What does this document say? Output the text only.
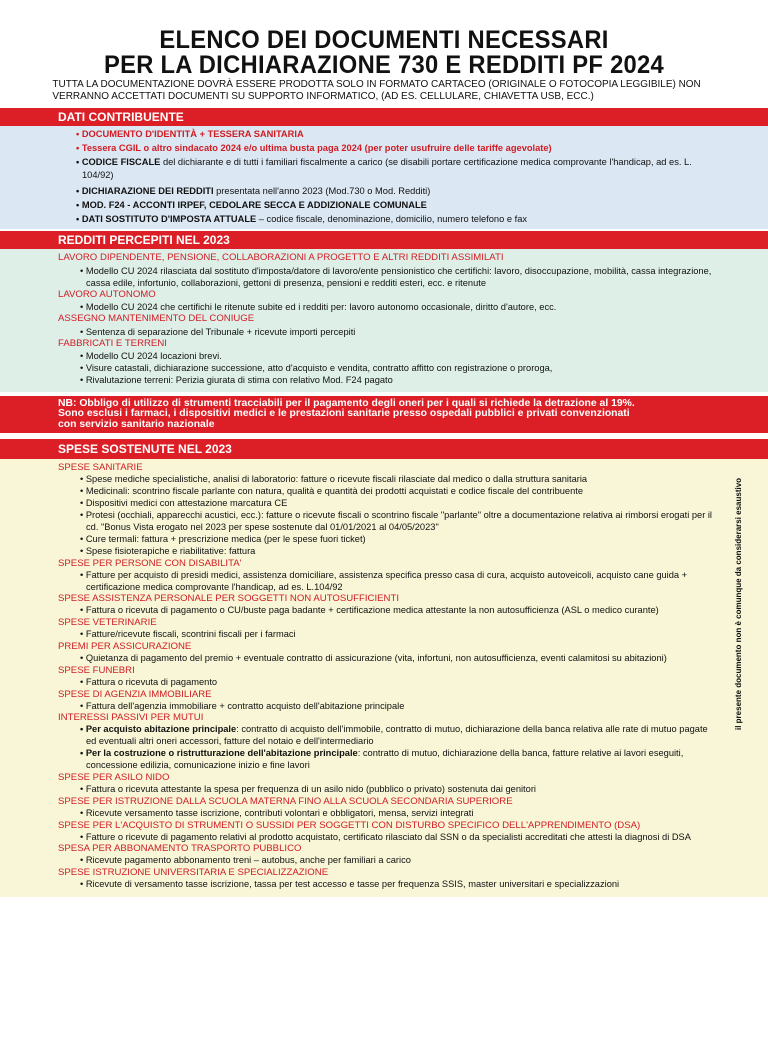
ELENCO DEI DOCUMENTI NECESSARI
PER LA DICHIARAZIONE 730 E REDDITI PF 2024
TUTTA LA DOCUMENTAZIONE DOVRÀ ESSERE PRODOTTA SOLO IN FORMATO CARTACEO (ORIGINALE O FOTOCOPIA LEGGIBILE) NON VERRANNO ACCETTATI DOCUMENTI SU SUPPORTO INFORMATICO, (AD ES. CELLULARE, CHIAVETTA USB, ECC.)
DATI CONTRIBUENTE
• DOCUMENTO D'IDENTITÀ + TESSERA SANITARIA
• Tessera CGIL o altro sindacato 2024 e/o ultima busta paga 2024 (per poter usufruire delle tariffe agevolate)
• CODICE FISCALE del dichiarante e di tutti i familiari fiscalmente a carico (se disabili portare certificazione medica comprovante l'handicap, ad es. L. 104/92)
• DICHIARAZIONE DEI REDDITI presentata nell'anno 2023 (Mod.730 o Mod. Redditi)
• MOD. F24 - ACCONTI IRPEF, CEDOLARE SECCA E ADDIZIONALE COMUNALE
• DATI SOSTITUTO D'IMPOSTA ATTUALE – codice fiscale, denominazione, domicilio, numero telefono e fax
REDDITI PERCEPITI NEL 2023
LAVORO DIPENDENTE, PENSIONE, COLLABORAZIONI A PROGETTO E ALTRI REDDITI ASSIMILATI
• Modello CU 2024 rilasciata dal sostituto d'imposta/datore di lavoro/ente pensionistico che certifichi: lavoro, disoccupazione, mobilità, cassa integrazione, cassa edile, infortunio, collaborazioni, gettoni di presenza, pensioni e redditi esteri, ecc. e ritenute
LAVORO AUTONOMO
• Modello CU 2024 che certifichi le ritenute subite ed i redditi per: lavoro autonomo occasionale, diritto d'autore, ecc.
ASSEGNO MANTENIMENTO DEL CONIUGE
• Sentenza di separazione del Tribunale + ricevute importi percepiti
FABBRICATI E TERRENI
• Modello CU 2024 locazioni brevi.
• Visure catastali, dichiarazione successione, atto d'acquisto e vendita, contratto affitto con registrazione o proroga,
• Rivalutazione terreni: Perizia giurata di stima con relativo Mod. F24 pagato
NB: Obbligo di utilizzo di strumenti tracciabili per il pagamento degli oneri per i quali si richiede la detrazione al 19%.
Sono esclusi i farmaci, i dispositivi medici e le prestazioni sanitarie presso ospedali pubblici e privati convenzionati
con servizio sanitario nazionale
SPESE SOSTENUTE NEL 2023
SPESE SANITARIE
• Spese mediche specialistiche, analisi di laboratorio: fatture o ricevute fiscali rilasciate dal medico o dalla struttura sanitaria
• Medicinali: scontrino fiscale parlante con natura, qualità e quantità dei prodotti acquistati e codice fiscale del contribuente
• Dispositivi medici con attestazione marcatura CE
• Protesi (occhiali, apparecchi acustici, ecc.): fatture o ricevute fiscali o scontrino fiscale "parlante" oltre a documentazione relativa ai rimborsi erogati per il cd. "Bonus Vista erogato nel 2023 per spese sostenute dal 01/01/2021 al 04/05/2023"
• Cure termali: fattura + prescrizione medica (per le spese fuori ticket)
• Spese fisioterapiche e riabilitative: fattura
SPESE PER PERSONE CON DISABILITA'
• Fatture per acquisto di presidi medici, assistenza domiciliare, assistenza specifica presso casa di cura, acquisto autoveicoli, acquisto cane guida + certificazione medica comprovante l'handicap, ad es. L.104/92
SPESE ASSISTENZA PERSONALE PER SOGGETTI NON AUTOSUFFICIENTI
• Fattura o ricevuta di pagamento o CU/buste paga badante + certificazione medica attestante la non autosufficienza (ASL o medico curante)
SPESE VETERINARIE
• Fatture/ricevute fiscali, scontrini fiscali per i farmaci
PREMI PER ASSICURAZIONE
• Quietanza di pagamento del premio + eventuale contratto di assicurazione (vita, infortuni, non autosufficienza, eventi calamitosi su abitazioni)
SPESE FUNEBRI
• Fattura o ricevuta di pagamento
SPESE DI AGENZIA IMMOBILIARE
• Fattura dell'agenzia immobiliare + contratto acquisto dell'abitazione principale
INTERESSI PASSIVI PER MUTUI
• Per acquisto abitazione principale: contratto di acquisto dell'immobile, contratto di mutuo, dichiarazione della banca relativa alle rate di mutuo pagate ed eventuali altri oneri accessori, fatture del notaio e dell'intermediario
• Per la costruzione o ristrutturazione dell'abitazione principale: contratto di mutuo, dichiarazione della banca, fatture relative ai lavori eseguiti, concessione edilizia, comunicazione inizio e fine lavori
SPESE PER ASILO NIDO
• Fattura o ricevuta attestante la spesa per frequenza di un asilo nido (pubblico o privato) sostenuta dai genitori
SPESE PER ISTRUZIONE DALLA SCUOLA MATERNA FINO ALLA SCUOLA SECONDARIA SUPERIORE
• Ricevute versamento tasse iscrizione, contributi volontari e obbligatori, mensa, servizi integrati
SPESE PER L'ACQUISTO DI STRUMENTI O SUSSIDI PER SOGGETTI CON DISTURBO SPECIFICO DELL'APPRENDIMENTO (DSA)
• Fatture o ricevute di pagamento relativi al prodotto acquistato, certificato rilasciato dal SSN o da specialisti accreditati che attesti la diagnosi di DSA
SPESA PER ABBONAMENTO TRASPORTO PUBBLICO
• Ricevute pagamento abbonamento treni – autobus, anche per familiari a carico
SPESE ISTRUZIONE UNIVERSITARIA E SPECIALIZZAZIONE
• Ricevute di versamento tasse iscrizione, tassa per test accesso e tasse per frequenza SSIS, master universitari e specializzazioni
il presente documento non è comunque da considerarsi esaustivo
